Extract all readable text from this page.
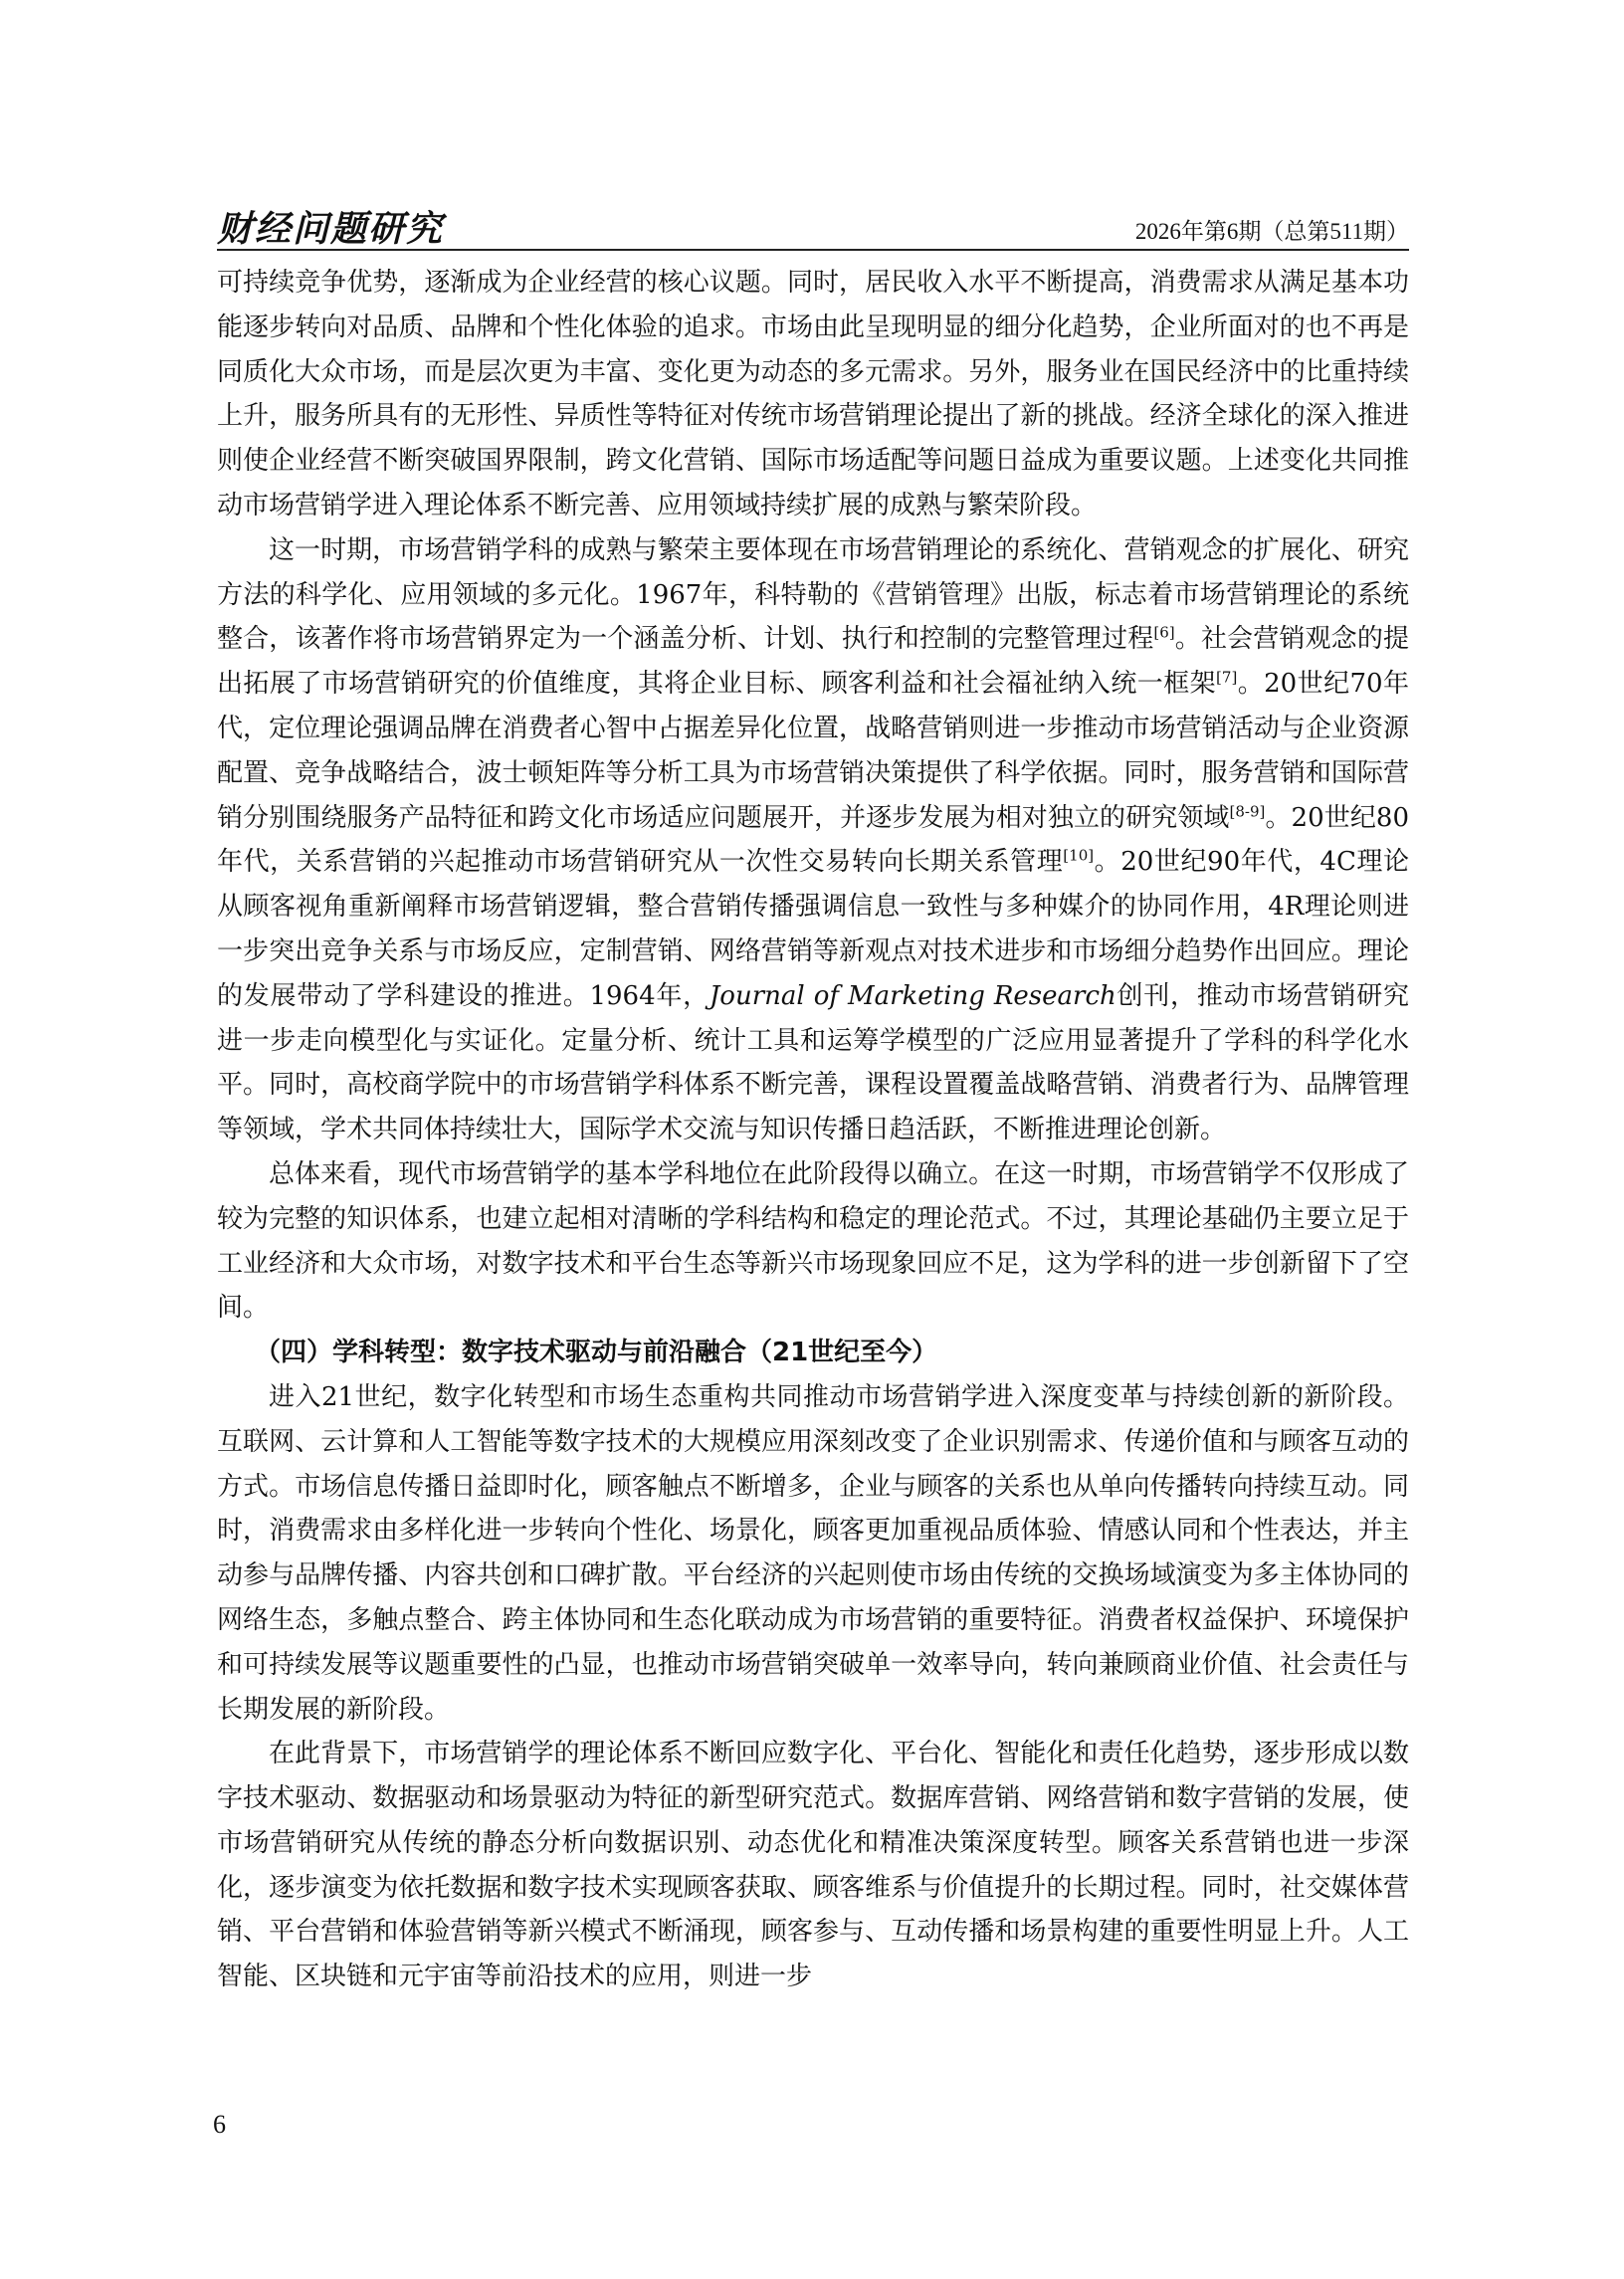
财经问题研究	2026年第6期（总第511期）

可持续竞争优势，逐渐成为企业经营的核心议题。同时，居民收入水平不断提高，消费需求从满足基本功能逐步转向对品质、品牌和个性化体验的追求。市场由此呈现明显的细分化趋势，企业所面对的也不再是同质化大众市场，而是层次更为丰富、变化更为动态的多元需求。另外，服务业在国民经济中的比重持续上升，服务所具有的无形性、异质性等特征对传统市场营销理论提出了新的挑战。经济全球化的深入推进则使企业经营不断突破国界限制，跨文化营销、国际市场适配等问题日益成为重要议题。上述变化共同推动市场营销学进入理论体系不断完善、应用领域持续扩展的成熟与繁荣阶段。

这一时期，市场营销学科的成熟与繁荣主要体现在市场营销理论的系统化、营销观念的扩展化、研究方法的科学化、应用领域的多元化。1967年，科特勒的《营销管理》出版，标志着市场营销理论的系统整合，该著作将市场营销界定为一个涵盖分析、计划、执行和控制的完整管理过程[6]。社会营销观念的提出拓展了市场营销研究的价值维度，其将企业目标、顾客利益和社会福祉纳入统一框架[7]。20世纪70年代，定位理论强调品牌在消费者心智中占据差异化位置，战略营销则进一步推动市场营销活动与企业资源配置、竞争战略结合，波士顿矩阵等分析工具为市场营销决策提供了科学依据。同时，服务营销和国际营销分别围绕服务产品特征和跨文化市场适应问题展开，并逐步发展为相对独立的研究领域[8-9]。20世纪80年代，关系营销的兴起推动市场营销研究从一次性交易转向长期关系管理[10]。20世纪90年代，4C理论从顾客视角重新阐释市场营销逻辑，整合营销传播强调信息一致性与多种媒介的协同作用，4R理论则进一步突出竞争关系与市场反应，定制营销、网络营销等新观点对技术进步和市场细分趋势作出回应。理论的发展带动了学科建设的推进。1964年，Journal of Marketing Research创刊，推动市场营销研究进一步走向模型化与实证化。定量分析、统计工具和运筹学模型的广泛应用显著提升了学科的科学化水平。同时，高校商学院中的市场营销学科体系不断完善，课程设置覆盖战略营销、消费者行为、品牌管理等领域，学术共同体持续壮大，国际学术交流与知识传播日趋活跃，不断推进理论创新。

总体来看，现代市场营销学的基本学科地位在此阶段得以确立。在这一时期，市场营销学不仅形成了较为完整的知识体系，也建立起相对清晰的学科结构和稳定的理论范式。不过，其理论基础仍主要立足于工业经济和大众市场，对数字技术和平台生态等新兴市场现象回应不足，这为学科的进一步创新留下了空间。

（四）学科转型：数字技术驱动与前沿融合（21世纪至今）

进入21世纪，数字化转型和市场生态重构共同推动市场营销学进入深度变革与持续创新的新阶段。互联网、云计算和人工智能等数字技术的大规模应用深刻改变了企业识别需求、传递价值和与顾客互动的方式。市场信息传播日益即时化，顾客触点不断增多，企业与顾客的关系也从单向传播转向持续互动。同时，消费需求由多样化进一步转向个性化、场景化，顾客更加重视品质体验、情感认同和个性表达，并主动参与品牌传播、内容共创和口碑扩散。平台经济的兴起则使市场由传统的交换场域演变为多主体协同的网络生态，多触点整合、跨主体协同和生态化联动成为市场营销的重要特征。消费者权益保护、环境保护和可持续发展等议题重要性的凸显，也推动市场营销突破单一效率导向，转向兼顾商业价值、社会责任与长期发展的新阶段。

在此背景下，市场营销学的理论体系不断回应数字化、平台化、智能化和责任化趋势，逐步形成以数字技术驱动、数据驱动和场景驱动为特征的新型研究范式。数据库营销、网络营销和数字营销的发展，使市场营销研究从传统的静态分析向数据识别、动态优化和精准决策深度转型。顾客关系营销也进一步深化，逐步演变为依托数据和数字技术实现顾客获取、顾客维系与价值提升的长期过程。同时，社交媒体营销、平台营销和体验营销等新兴模式不断涌现，顾客参与、互动传播和场景构建的重要性明显上升。人工智能、区块链和元宇宙等前沿技术的应用，则进一步

6
